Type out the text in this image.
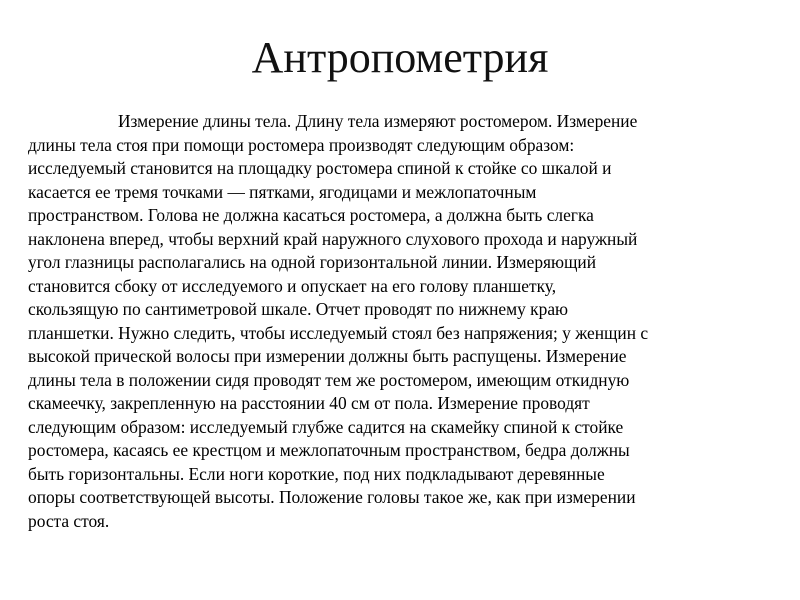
Антропометрия
Измерение длины тела. Длину тела измеряют ростомером. Измерение
длины тела стоя при помощи ростомера производят следующим образом:
исследуемый становится на площадку ростомера спиной к стойке со шкалой и
касается ее тремя точками — пятками, ягодицами и межлопаточным
пространством. Голова не должна касаться ростомера, а должна быть слегка
наклонена вперед, чтобы верхний край наружного слухового прохода и наружный
угол глазницы располагались на одной горизонтальной линии. Измеряющий
становится сбоку от исследуемого и опускает на его голову планшетку,
скользящую по сантиметровой шкале. Отчет проводят по нижнему краю
планшетки. Нужно следить, чтобы исследуемый стоял без напряжения; у женщин с
высокой прической волосы при измерении должны быть распущены. Измерение
длины тела в положении сидя проводят тем же ростомером, имеющим откидную
скамеечку, закрепленную на расстоянии 40 см от пола. Измерение проводят
следующим образом: исследуемый глубже садится на скамейку спиной к стойке
ростомера, касаясь ее крестцом и межлопаточным пространством, бедра должны
быть горизонтальны. Если ноги короткие, под них подкладывают деревянные
опоры соответствующей высоты. Положение головы такое же, как при измерении
роста стоя.
